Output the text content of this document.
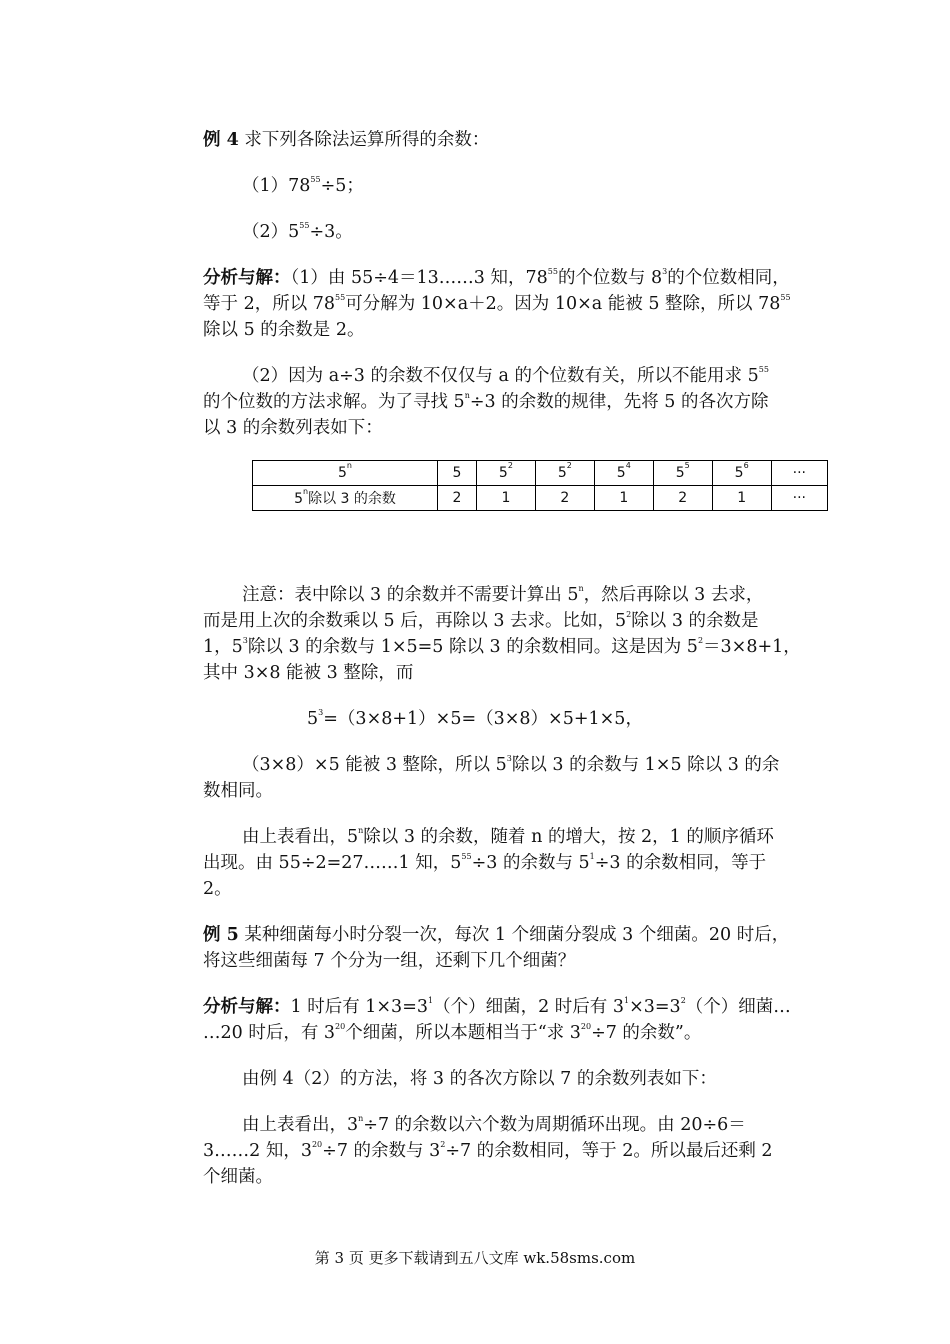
例 4 求下列各除法运算所得的余数：
$(1)78^{55}\div 5$；
$(2)5^{55}\div 3$。
分析与解：（1）由 55÷4＝13……3 知，$78^{55}$的个位数与 $8^3$的个位数相同，
等于 2，所以 $78^{55}$可分解为 10×a＋2。因为 10×a 能被 5 整除，所以 $78^{55}$
除以 5 的余数是 2。
（2）因为 a÷3 的余数不仅仅与 a 的个位数有关，所以不能用求 $5^{55}$
的个位数的方法求解。为了寻找 $5^n\div 3$ 的余数的规律，先将 5 的各次方除
以 3 的余数列表如下：
5$^n$	5	$5^2$	$5^2$	$5^4$	$5^5$	$5^6$	···
$5^n$除以 3 的余数	2	1	2	1	2	1	···
注意：表中除以 3 的余数并不需要计算出 5$^n$，然后再除以 3 去求，
而是用上次的余数乘以 5 后，再除以 3 去求。比如，$5^2$除以 3 的余数是
1，$5^3$除以 3 的余数与 1×5=5 除以 3 的余数相同。这是因为 $5^2=3\times 8+1$，
其中 3×8 能被 3 整除，而
$5^3=(3\times 8+1)\times 5=(3\times 8)\times 5+1\times 5$，
（3×8）×5 能被 3 整除，所以 $5^3$除以 3 的余数与 1×5 除以 3 的余
数相同。
由上表看出，5$^n$除以 3 的余数，随着 n 的增大，按 2，1 的顺序循环
出现。由 55÷2=27……1 知，$5^{55}\div 3$ 的余数与 $5^1\div 3$ 的余数相同，等于
2。
例 5 某种细菌每小时分裂一次，每次 1 个细菌分裂成 3 个细菌。20 时后，
将这些细菌每 7 个分为一组，还剩下几个细菌？
分析与解：1 时后有 $1\times 3=3^1$（个）细菌，2 时后有 $3^1\times 3=3^2$（个）细菌…
…20 时后，有 $3^{20}$个细菌，所以本题相当于“求 $3^{20}\div 7$ 的余数”。
由例 4（2）的方法，将 3 的各次方除以 7 的余数列表如下：
由上表看出，$3^n\div 7$ 的余数以六个数为周期循环出现。由 20÷6＝
3……2 知，$3^{20}\div 7$ 的余数与 $3^2\div 7$ 的余数相同，等于 2。所以最后还剩 2
个细菌。
第 3 页 更多下载请到五八文库 wk.58sms.com
